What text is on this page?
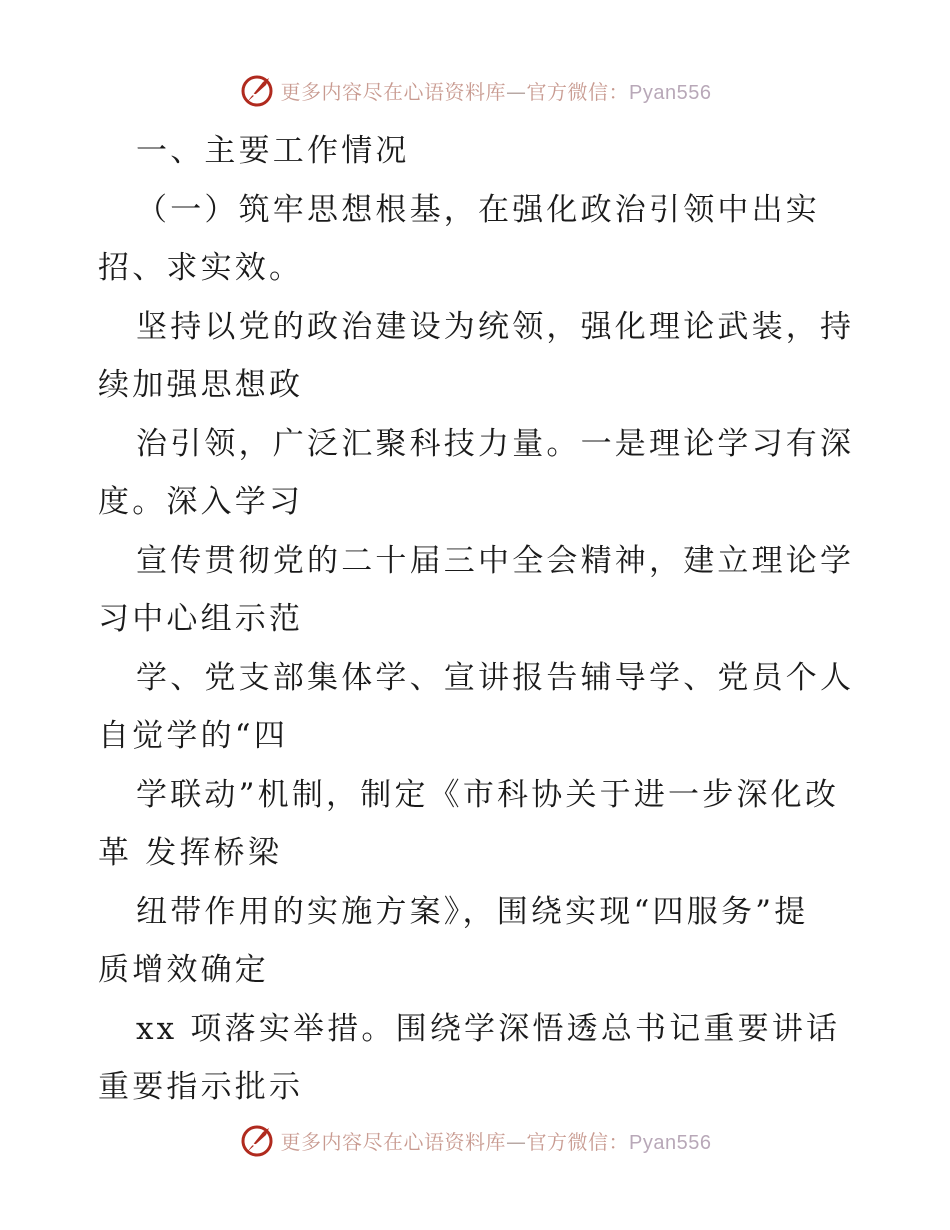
更多内容尽在心语资料库—官方微信：Pyan556
一、主要工作情况
（一）筑牢思想根基，在强化政治引领中出实
招、求实效。
坚持以党的政治建设为统领，强化理论武装，持
续加强思想政
治引领，广泛汇聚科技力量。一是理论学习有深
度。深入学习
宣传贯彻党的二十届三中全会精神，建立理论学
习中心组示范
学、党支部集体学、宣讲报告辅导学、党员个人
自觉学的“四
学联动”机制，制定《市科协关于进一步深化改
革 发挥桥梁
纽带作用的实施方案》，围绕实现“四服务”提
质增效确定
xx 项落实举措。围绕学深悟透总书记重要讲话
重要指示批示
更多内容尽在心语资料库—官方微信：Pyan556
